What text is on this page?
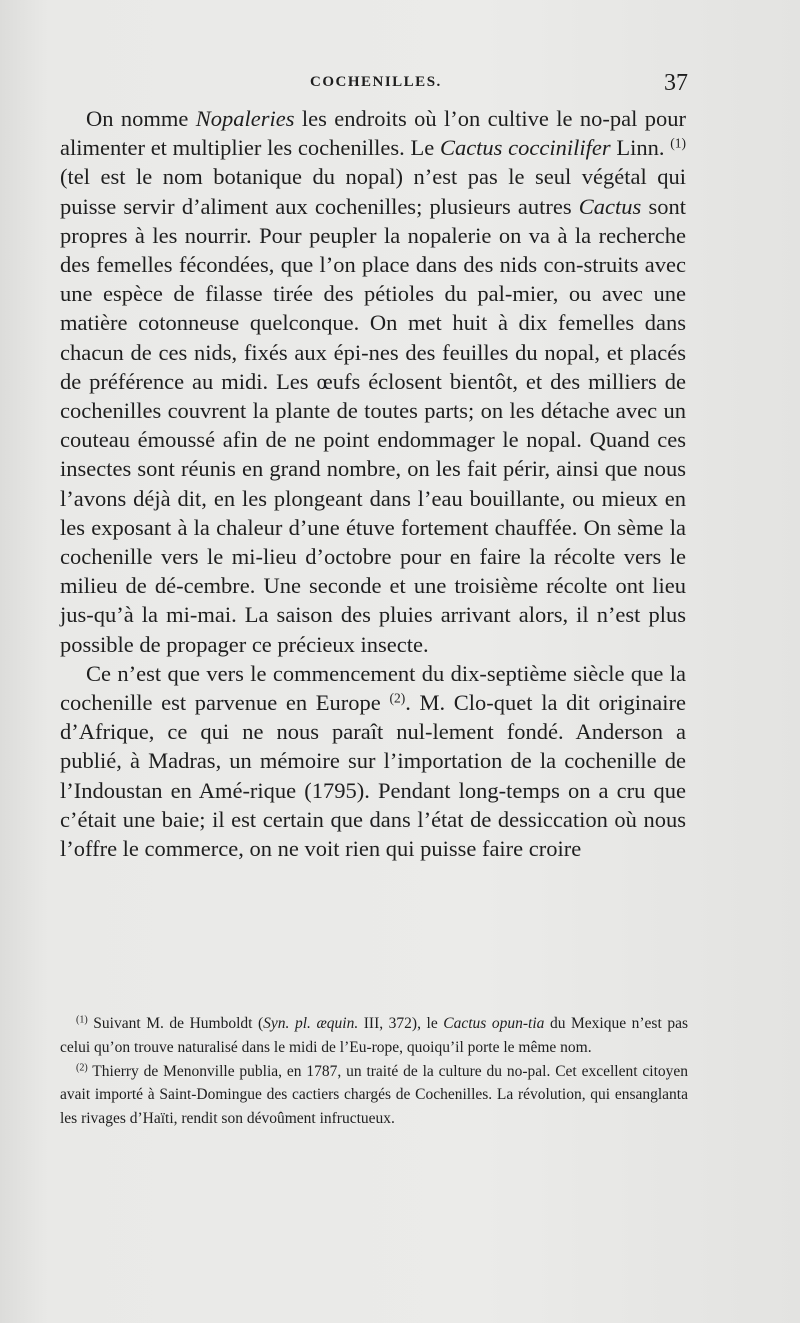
COCHENILLES.	37

On nomme Nopaleries les endroits où l’on cultive le no-pal pour alimenter et multiplier les cochenilles. Le Cactus coccinilifer Linn. $^{(1)}$ (tel est le nom botanique du nopal) n’est pas le seul végétal qui puisse servir d’aliment aux cochenilles; plusieurs autres Cactus sont propres à les nourrir. Pour peupler la nopalerie on va à la recherche des femelles fécondées, que l’on place dans des nids con-struits avec une espèce de filasse tirée des pétioles du pal-mier, ou avec une matière cotonneuse quelconque. On met huit à dix femelles dans chacun de ces nids, fixés aux épi-nes des feuilles du nopal, et placés de préférence au midi. Les œufs éclosent bientôt, et des milliers de cochenilles couvrent la plante de toutes parts; on les détache avec un couteau émoussé afin de ne point endommager le nopal. Quand ces insectes sont réunis en grand nombre, on les fait périr, ainsi que nous l’avons déjà dit, en les plongeant dans l’eau bouillante, ou mieux en les exposant à la chaleur d’une étuve fortement chauffée. On sème la cochenille vers le mi-lieu d’octobre pour en faire la récolte vers le milieu de dé-cembre. Une seconde et une troisième récolte ont lieu jus-qu’à la mi-mai. La saison des pluies arrivant alors, il n’est plus possible de propager ce précieux insecte.

Ce n’est que vers le commencement du dix-septième siècle que la cochenille est parvenue en Europe $^{(2)}$. M. Clo-quet la dit originaire d’Afrique, ce qui ne nous paraît nul-lement fondé. Anderson a publié, à Madras, un mémoire sur l’importation de la cochenille de l’Indoustan en Amé-rique (1795). Pendant long-temps on a cru que c’était une baie; il est certain que dans l’état de dessiccation où nous l’offre le commerce, on ne voit rien qui puisse faire croire

$^{(1)}$ Suivant M. de Humboldt (Syn. pl. æquin. III, 372), le Cactus opun-tia du Mexique n’est pas celui qu’on trouve naturalisé dans le midi de l’Eu-rope, quoiqu’il porte le même nom.

$^{(2)}$ Thierry de Menonville publia, en 1787, un traité de la culture du no-pal. Cet excellent citoyen avait importé à Saint-Domingue des cactiers chargés de Cochenilles. La révolution, qui ensanglanta les rivages d’Haïti, rendit son dévoûment infructueux.
